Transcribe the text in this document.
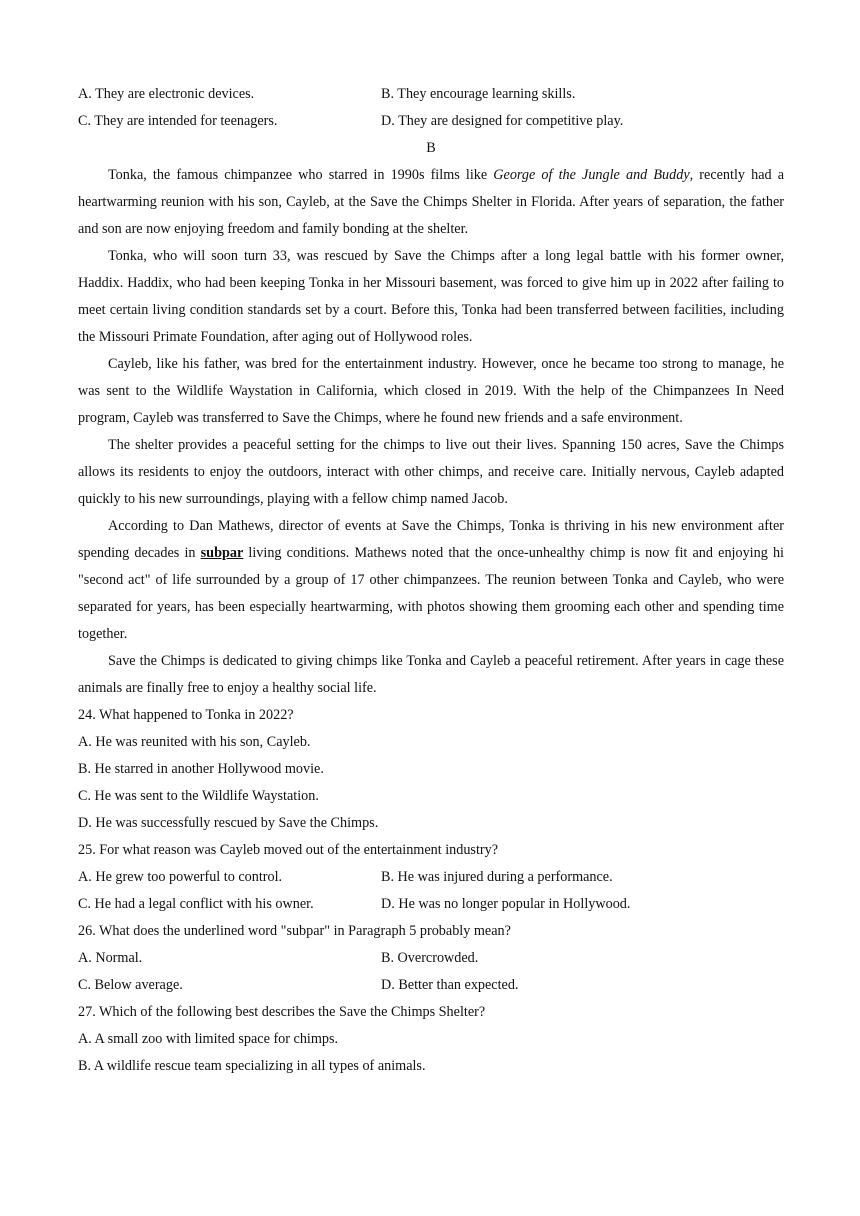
A. They are electronic devices.	B. They encourage learning skills.
C. They are intended for teenagers.	D. They are designed for competitive play.
B
Tonka, the famous chimpanzee who starred in 1990s films like George of the Jungle and Buddy, recently had a heartwarming reunion with his son, Cayleb, at the Save the Chimps Shelter in Florida. After years of separation, the father and son are now enjoying freedom and family bonding at the shelter.
Tonka, who will soon turn 33, was rescued by Save the Chimps after a long legal battle with his former owner, Haddix. Haddix, who had been keeping Tonka in her Missouri basement, was forced to give him up in 2022 after failing to meet certain living condition standards set by a court. Before this, Tonka had been transferred between facilities, including the Missouri Primate Foundation, after aging out of Hollywood roles.
Cayleb, like his father, was bred for the entertainment industry. However, once he became too strong to manage, he was sent to the Wildlife Waystation in California, which closed in 2019. With the help of the Chimpanzees In Need program, Cayleb was transferred to Save the Chimps, where he found new friends and a safe environment.
The shelter provides a peaceful setting for the chimps to live out their lives. Spanning 150 acres, Save the Chimps allows its residents to enjoy the outdoors, interact with other chimps, and receive care. Initially nervous, Cayleb adapted quickly to his new surroundings, playing with a fellow chimp named Jacob.
According to Dan Mathews, director of events at Save the Chimps, Tonka is thriving in his new environment after spending decades in subpar living conditions. Mathews noted that the once-unhealthy chimp is now fit and enjoying hi "second act" of life surrounded by a group of 17 other chimpanzees. The reunion between Tonka and Cayleb, who were separated for years, has been especially heartwarming, with photos showing them grooming each other and spending time together.
Save the Chimps is dedicated to giving chimps like Tonka and Cayleb a peaceful retirement. After years in cage these animals are finally free to enjoy a healthy social life.
24. What happened to Tonka in 2022?
A. He was reunited with his son, Cayleb.
B. He starred in another Hollywood movie.
C. He was sent to the Wildlife Waystation.
D. He was successfully rescued by Save the Chimps.
25. For what reason was Cayleb moved out of the entertainment industry?
A. He grew too powerful to control.	B. He was injured during a performance.
C. He had a legal conflict with his owner.	D. He was no longer popular in Hollywood.
26. What does the underlined word "subpar" in Paragraph 5 probably mean?
A. Normal.	B. Overcrowded.
C. Below average.	D. Better than expected.
27. Which of the following best describes the Save the Chimps Shelter?
A. A small zoo with limited space for chimps.
B. A wildlife rescue team specializing in all types of animals.
